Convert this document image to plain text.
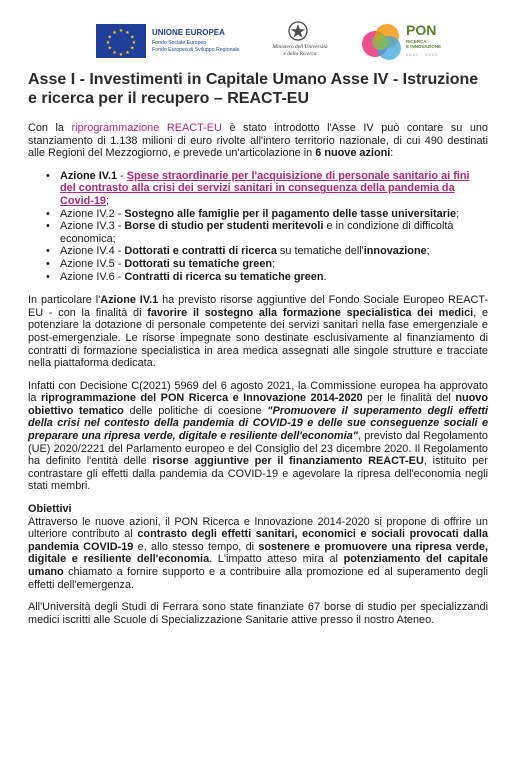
★ ★
★
★
★
★
★
★
★
★
★
★	UNIONE EUROPEA
Fondo Sociale Europeo
Fondo Europeo di Sviluppo Regionale	Ministero dell'Università
e della Ricerca
PON
RICERCA
E INNOVAZIONE
2014 · 2020
Asse I - Investimenti in Capitale Umano Asse IV - Istruzione e ricerca per il recupero – REACT-EU

Con la riprogrammazione REACT-EU è stato introdotto l'Asse IV può contare su uno stanziamento di 1.138 milioni di euro rivolte all'intero territorio nazionale, di cui 490 destinati alle Regioni del Mezzogiorno, e prevede un'articolazione in 6 nuove azioni:

• Azione IV.1 - Spese straordinarie per l'acquisizione di personale sanitario ai fini del contrasto alla crisi dei servizi sanitari in conseguenza della pandemia da Covid-19;
• Azione IV.2 - Sostegno alle famiglie per il pagamento delle tasse universitarie;
• Azione IV.3 - Borse di studio per studenti meritevoli e in condizione di difficoltà economica;
• Azione IV.4 - Dottorati e contratti di ricerca su tematiche dell'innovazione;
• Azione IV.5 - Dottorati su tematiche green;
• Azione IV.6 - Contratti di ricerca su tematiche green.

In particolare l'Azione IV.1 ha previsto risorse aggiuntive del Fondo Sociale Europeo REACT-EU - con la finalità di favorire il sostegno alla formazione specialistica dei medici, e potenziare la dotazione di personale competente dei servizi sanitari nella fase emergenziale e post-emergenziale. Le risorse impegnate sono destinate esclusivamente al finanziamento di contratti di formazione specialistica in area medica assegnati alle singole strutture e tracciate nella piattaforma dedicata.

Infatti con Decisione C(2021) 5969 del 6 agosto 2021, la Commissione europea ha approvato la riprogrammazione del PON Ricerca e Innovazione 2014-2020 per le finalità del nuovo obiettivo tematico delle politiche di coesione "Promuovere il superamento degli effetti della crisi nel contesto della pandemia di COVID-19 e delle sue conseguenze sociali e preparare una ripresa verde, digitale e resiliente dell'economia", previsto dal Regolamento (UE) 2020/2221 del Parlamento europeo e del Consiglio del 23 dicembre 2020. Il Regolamento ha definito l'entità delle risorse aggiuntive per il finanziamento REACT-EU, istituito per contrastare gli effetti dalla pandemia da COVID-19 e agevolare la ripresa dell'economia negli stati membri.

Obiettivi
Attraverso le nuove azioni, il PON Ricerca e Innovazione 2014-2020 si propone di offrire un ulteriore contributo al contrasto degli effetti sanitari, economici e sociali provocati dalla pandemia COVID-19 e, allo stesso tempo, di sostenere e promuovere una ripresa verde, digitale e resiliente dell'economia. L'impatto atteso mira al potenziamento del capitale umano chiamato a fornire supporto e a contribuire alla promozione ed al superamento degli effetti dell'emergenza.

All'Università degli Studi di Ferrara sono state finanziate 67 borse di studio per specializzandi medici iscritti alle Scuole di Specializzazione Sanitarie attive presso il nostro Ateneo.
